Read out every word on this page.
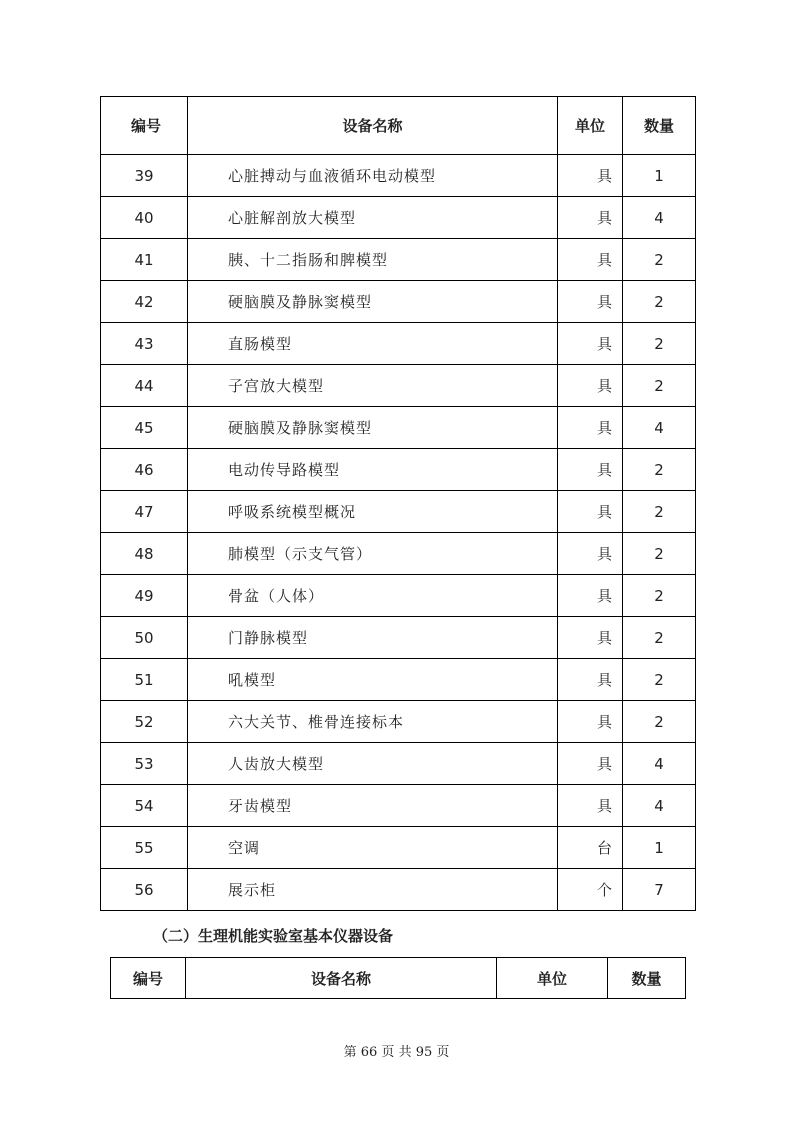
编号	设备名称	单位	数量
39	心脏搏动与血液循环电动模型	具	1
40	心脏解剖放大模型	具	4
41	胰、十二指肠和脾模型	具	2
42	硬脑膜及静脉窦模型	具	2
43	直肠模型	具	2
44	子宫放大模型	具	2
45	硬脑膜及静脉窦模型	具	4
46	电动传导路模型	具	2
47	呼吸系统模型概况	具	2
48	肺模型（示支气管）	具	2
49	骨盆（人体）	具	2
50	门静脉模型	具	2
51	吼模型	具	2
52	六大关节、椎骨连接标本	具	2
53	人齿放大模型	具	4
54	牙齿模型	具	4
55	空调	台	1
56	展示柜	个	7
（二）生理机能实验室基本仪器设备
编号	设备名称	单位	数量
第 66 页 共 95 页
